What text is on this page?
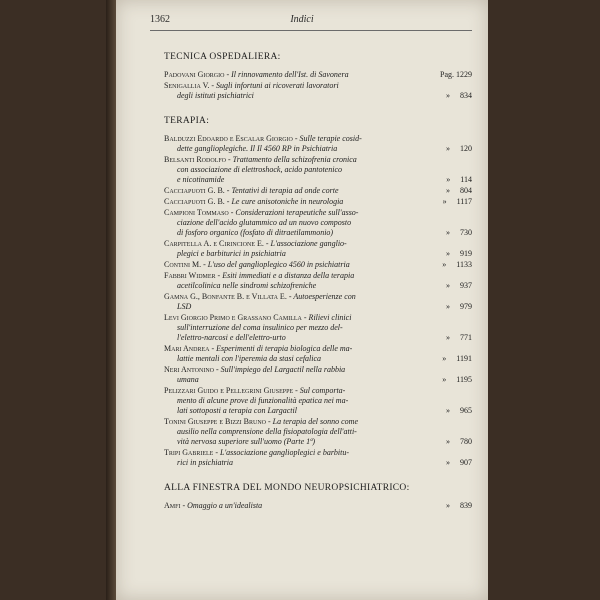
1362	Indici
TECNICA OSPEDALIERA:
Padovani Giorgio - Il rinnovamento dell'Ist. di Savonera	Pag. 1229
Senigallia V. - Sugli infortuni ai ricoverati lavoratori
degli istituti psichiatrici	» 834
TERAPIA:
Balduzzi Edoardo e Escalar Giorgio - Sulle terapie cosid-
dette ganglioplegiche. Il Il 4560 RP in Psichiatria	» 120
Belsanti Rodolfo - Trattamento della schizofrenia cronica
con associazione di elettroshock, acido pantotenico
e nicotinamide	» 114
Cacciapuoti G. B. - Tentativi di terapia ad onde corte	» 804
Cacciapuoti G. B. - Le cure anisotoniche in neurologia	» 1117
Campioni Tommaso - Considerazioni terapeutiche sull'asso-
ciazione dell'acido glutammico ad un nuovo composto
di fosforo organico (fosfato di ditraetilammonio)	» 730
Carpitella A. e Cirincione E. - L'associazione ganglio-
plegici e barbiturici in psichiatria	» 919
Contini M. - L'uso del ganglioplegico 4560 in psichiatria	» 1133
Fabbri Widmer - Esiti immediati e a distanza della terapia
acetilcolinica nelle sindromi schizofreniche	» 937
Gamna G., Bonfante B. e Villata E. - Autoesperienze con
LSD	» 979
Levi Giorgio Primo e Grassano Camilla - Rilievi clinici
sull'interruzione del coma insulinico per mezzo del-
l'elettro-narcosi e dell'elettro-urto	» 771
Mari Andrea - Esperimenti di terapia biologica delle ma-
lattie mentali con l'iperemia da stasi cefalica	» 1191
Neri Antonino - Sull'impiego del Largactil nella rabbia
umana	» 1195
Pelizzari Guido e Pellegrini Giuseppe - Sul comporta-
mento di alcune prove di funzionalità epatica nei ma-
lati sottoposti a terapia con Largactil	» 965
Tonini Giuseppe e Bizzi Bruno - La terapia del sonno come
ausilio nella comprensione della fisiopatologia dell'atti-
vità nervosa superiore sull'uomo (Parte 1ª)	» 780
Tripi Gabriele - L'associazione ganglioplegici e barbitu-
rici in psichiatria	» 907
ALLA FINESTRA DEL MONDO NEUROPSICHIATRICO:
Amfi - Omaggio a un'idealista	» 839
